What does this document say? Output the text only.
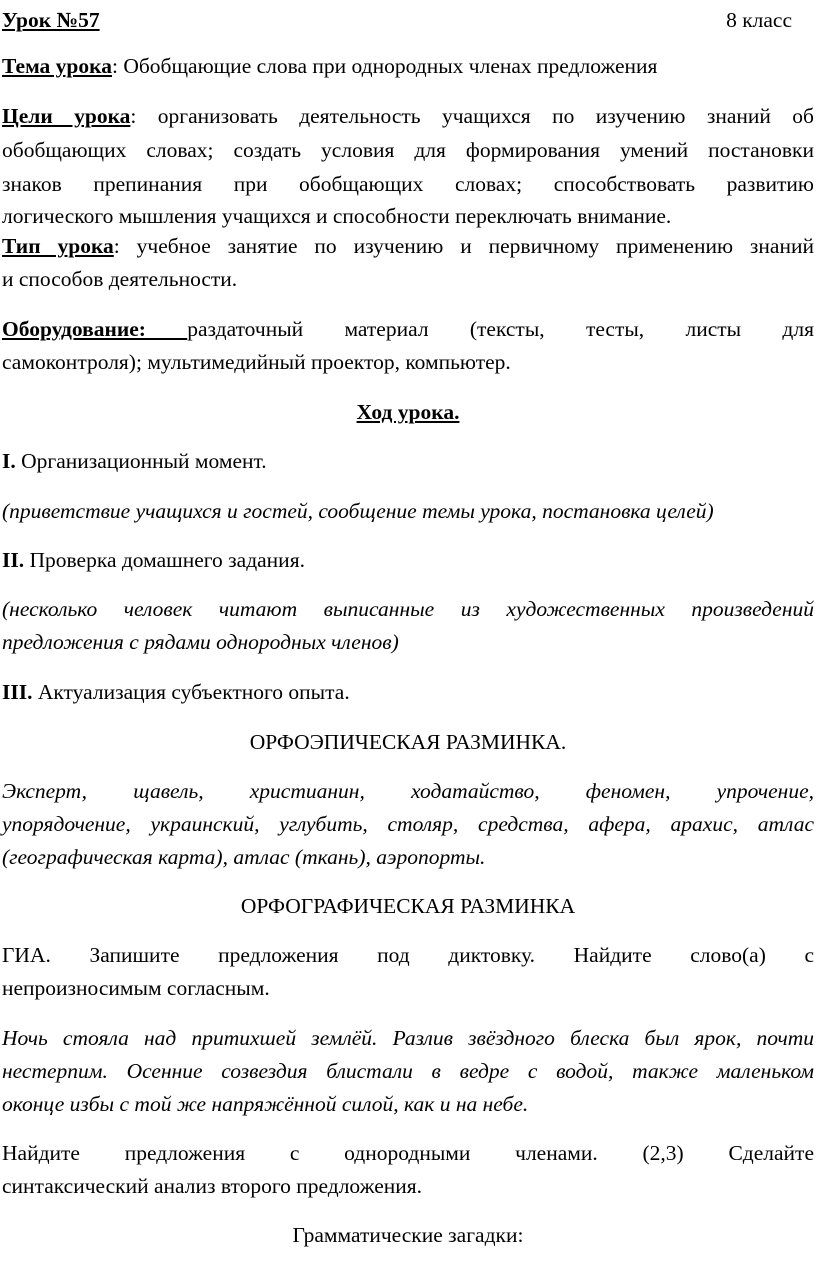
Урок №57	8 класс
Тема урока: Обобщающие слова при однородных членах предложения
Цели урока: организовать деятельность учащихся по изучению знаний об
обобщающих словах; создать условия для формирования умений постановки
знаков препинания при обобщающих словах; способствовать развитию
логического мышления учащихся и способности переключать внимание.
Тип урока: учебное занятие по изучению и первичному применению знаний
и способов деятельности.
Оборудование: раздаточный материал (тексты, тесты, листы для
самоконтроля); мультимедийный проектор, компьютер.
Ход урока.
I. Организационный момент.
(приветствие учащихся и гостей, сообщение темы урока, постановка целей)
II. Проверка домашнего задания.
(несколько человек читают выписанные из художественных произведений
предложения с рядами однородных членов)
III. Актуализация субъектного опыта.
ОРФОЭПИЧЕСКАЯ РАЗМИНКА.
Эксперт, щавель, христианин, ходатайство, феномен, упрочение,
упорядочение, украинский, углубить, столяр, средства, афера, арахис, атлас
(географическая карта), атлас (ткань), аэропорты.
ОРФОГРАФИЧЕСКАЯ РАЗМИНКА
ГИА. Запишите предложения под диктовку. Найдите слово(а) с
непроизносимым согласным.
Ночь стояла над притихшей землёй. Разлив звёздного блеска был ярок, почти
нестерпим. Осенние созвездия блистали в ведре с водой, также маленьком
оконце избы с той же напряжённой силой, как и на небе.
Найдите предложения с однородными членами. (2,3) Сделайте
синтаксический анализ второго предложения.
Грамматические загадки:
